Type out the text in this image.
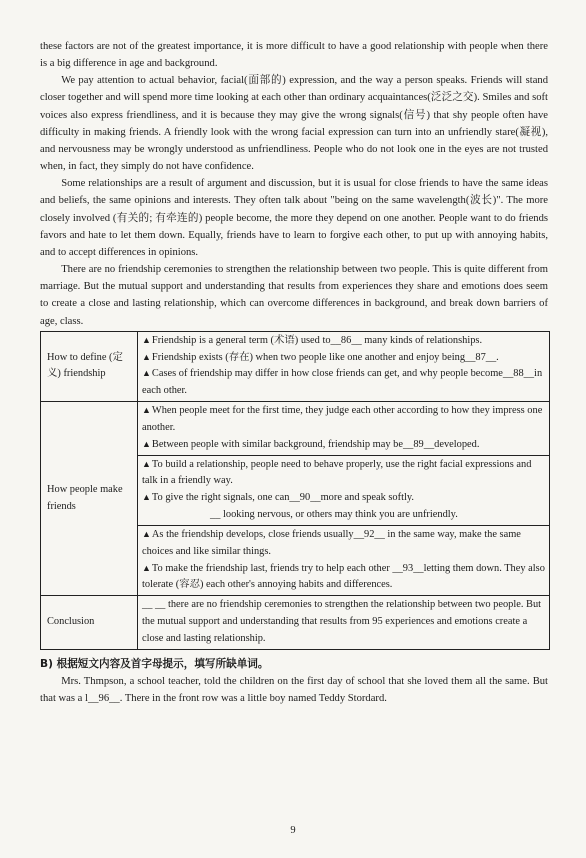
these factors are not of the greatest importance, it is more difficult to have a good relationship with people when there is a big difference in age and background.

We pay attention to actual behavior, facial(面部的) expression, and the way a person speaks. Friends will stand closer together and will spend more time looking at each other than ordinary acquaintances(泛泛之交). Smiles and soft voices also express friendliness, and it is because they may give the wrong signals(信号) that shy people often have difficulty in making friends. A friendly look with the wrong facial expression can turn into an unfriendly stare(凝视), and nervousness may be wrongly understood as unfriendliness. People who do not look one in the eyes are not trusted when, in fact, they simply do not have confidence.

Some relationships are a result of argument and discussion, but it is usual for close friends to have the same ideas and beliefs, the same opinions and interests. They often talk about "being on the same wavelength(波长)". The more closely involved (有关的; 有牵连的) people become, the more they depend on one another. People want to do friends favors and hate to let them down. Equally, friends have to learn to forgive each other, to put up with annoying habits, and to accept differences in opinions.

There are no friendship ceremonies to strengthen the relationship between two people. This is quite different from marriage. But the mutual support and understanding that results from experiences they share and emotions does seem to create a close and lasting relationship, which can overcome differences in background, and break down barriers of age, class.

How to define (定义) friendship	▲ Friendship is a general term (术语) used to__86__ many kinds of relationships.
▲ Friendship exists (存在) when two people like one another and enjoy being__87__.
▲ Cases of friendship may differ in how close friends can get, and why people become__88__in each other.

How people make friends	▲ When people meet for the first time, they judge each other according to how they impress one another.
▲ Between people with similar background, friendship may be__89__developed.

	▲ To build a relationship, people need to behave properly, use the right facial expressions and talk in a friendly way.
▲ To give the right signals, one can__90__more and speak softly.
__ looking nervous, or others may think you are unfriendly.

	▲ As the friendship develops, close friends usually__92__ in the same way, make the same choices and like similar things.
▲ To make the friendship last, friends try to help each other __93__letting them down. They also tolerate (容忍) each other's annoying habits and differences.

Conclusion	__ __ there are no friendship ceremonies to strengthen the relationship between two people. But the mutual support and understanding that results from 95 experiences and emotions create a close and lasting relationship.

B) 根据短文内容及首字母提示，填写所缺单词。

Mrs. Thmpson, a school teacher, told the children on the first day of school that she loved them all the same. But that was a l__96__. There in the front row was a little boy named Teddy Stordard.

9
